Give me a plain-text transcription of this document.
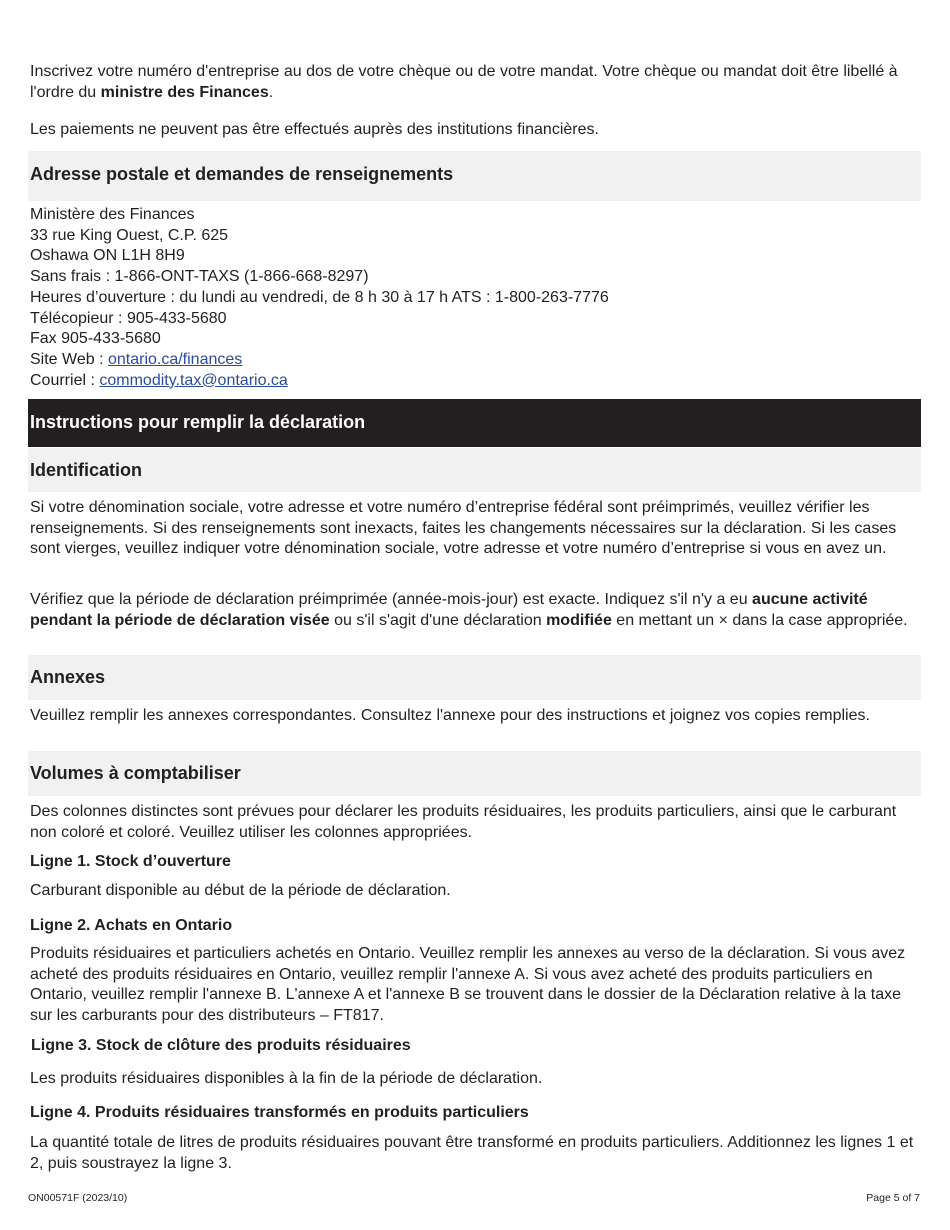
Inscrivez votre numéro d'entreprise au dos de votre chèque ou de votre mandat. Votre chèque ou mandat doit être libellé à l'ordre du ministre des Finances.

Les paiements ne peuvent pas être effectués auprès des institutions financières.

Adresse postale et demandes de renseignements
Ministère des Finances
33 rue King Ouest, C.P. 625
Oshawa ON L1H 8H9
Sans frais : 1-866-ONT-TAXS (1-866-668-8297)
Heures d’ouverture : du lundi au vendredi, de 8 h 30 à 17 h ATS : 1-800-263-7776
Télécopieur : 905-433-5680
Fax 905-433-5680
Site Web : ontario.ca/finances
Courriel : commodity.tax@ontario.ca
Instructions pour remplir la déclaration
Identification

Si votre dénomination sociale, votre adresse et votre numéro d’entreprise fédéral sont préimprimés, veuillez vérifier les renseignements. Si des renseignements sont inexacts, faites les changements nécessaires sur la déclaration. Si les cases sont vierges, veuillez indiquer votre dénomination sociale, votre adresse et votre numéro d’entreprise si vous en avez un.

Vérifiez que la période de déclaration préimprimée (année-mois-jour) est exacte. Indiquez s'il n'y a eu aucune activité pendant la période de déclaration visée ou s'il s'agit d'une déclaration modifiée en mettant un × dans la case appropriée.

Annexes

Veuillez remplir les annexes correspondantes. Consultez l'annexe pour des instructions et joignez vos copies remplies.

Volumes à comptabiliser

Des colonnes distinctes sont prévues pour déclarer les produits résiduaires, les produits particuliers, ainsi que le carburant non coloré et coloré. Veuillez utiliser les colonnes appropriées.

Ligne 1. Stock d’ouverture

Carburant disponible au début de la période de déclaration.

Ligne 2. Achats en Ontario

Produits résiduaires et particuliers achetés en Ontario. Veuillez remplir les annexes au verso de la déclaration. Si vous avez acheté des produits résiduaires en Ontario, veuillez remplir l'annexe A. Si vous avez acheté des produits particuliers en Ontario, veuillez remplir l'annexe B. L'annexe A et l'annexe B se trouvent dans le dossier de la Déclaration relative à la taxe sur les carburants pour des distributeurs – FT817.

Ligne 3. Stock de clôture des produits résiduaires

Les produits résiduaires disponibles à la fin de la période de déclaration.

Ligne 4. Produits résiduaires transformés en produits particuliers

La quantité totale de litres de produits résiduaires pouvant être transformé en produits particuliers. Additionnez les lignes 1 et 2, puis soustrayez la ligne 3.

ON00571F (2023/10)	Page 5 of 7
